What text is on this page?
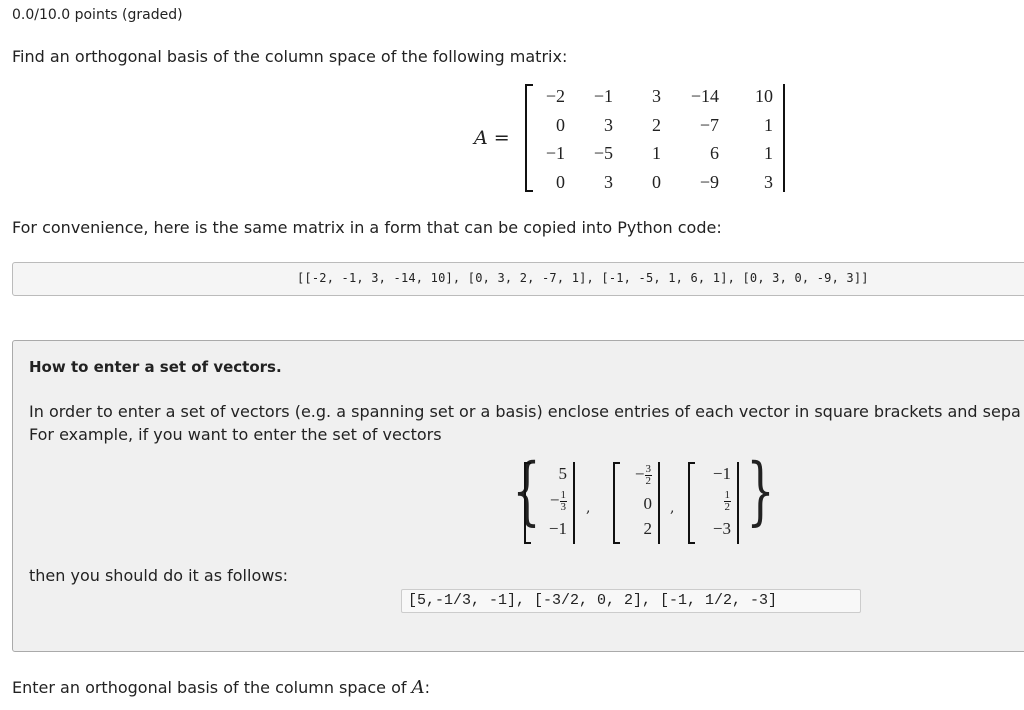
0.0/10.0 points (graded)
Find an orthogonal basis of the column space of the following matrix:
A =
−2	−1	3	−14	10
0	3	2	−7	1
−1	−5	1	6	1
0	3	0	−9	3
For convenience, here is the same matrix in a form that can be copied into Python code:
[[-2, -1, 3, -14, 10], [0, 3, 2, -7, 1], [-1, -5, 1, 6, 1], [0, 3, 0, -9, 3]]
How to enter a set of vectors.
In order to enter a set of vectors (e.g. a spanning set or a basis) enclose entries of each vector in square brackets and sepa
For example, if you want to enter the set of vectors
then you should do it as follows:
{ 5
− $\frac{1}{3}$
−1
,
− $\frac{3}{2}$
0
2
,
−1
$\frac{1}{2}$
−3 }
[5,-1/3, -1], [-3/2, 0, 2], [-1, 1/2, -3]
Enter an orthogonal basis of the column space of A:
